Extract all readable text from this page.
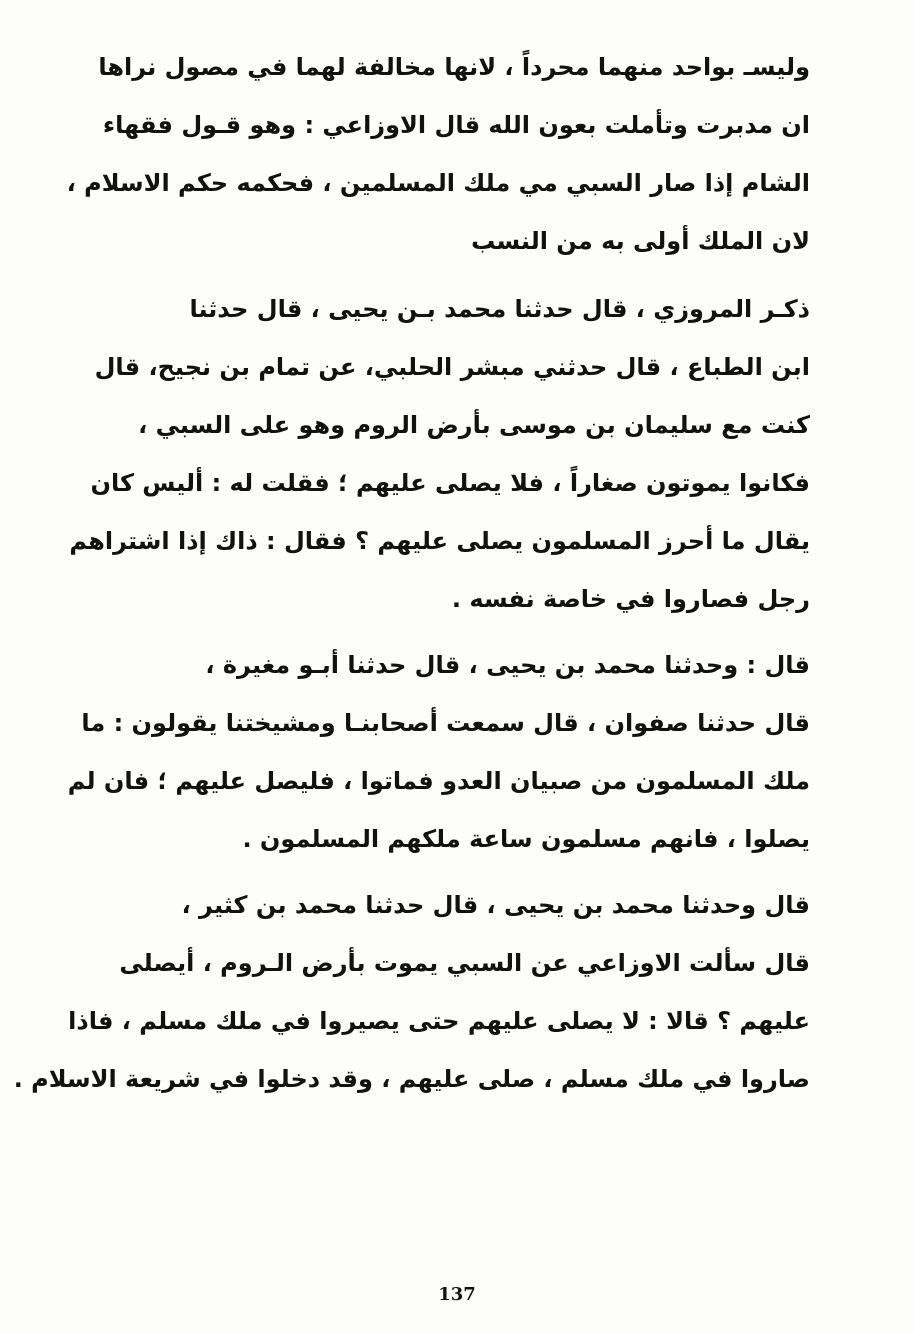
وليسـ بواحد منهما محرداً ، لانها مخالفة لهما في مصول نراها
ان مدبرت وتأملت بعون الله قال الاوزاعي : وهو قـول فقهاء
الشام إذا صار السبي مي ملك المسلمين ، فحكمه حكم الاسلام ،
لان الملك أولى به من النسب
ذكـر المروزي ، قال حدثنا محمد بـن يحيى ، قال حدثنا
ابن الطباع ، قال حدثني مبشر الحلبي، عن تمام بن نجيح، قال
كنت مع سليمان بن موسى بأرض الروم وهو على السبي ،
فكانوا يموتون صغاراً ، فلا يصلى عليهم ؛ فقلت له : أليس كان
يقال ما أحرز المسلمون يصلى عليهم ؟ فقال : ذاك إذا اشتراهم
رجل فصاروا في خاصة نفسه .
قال : وحدثنا محمد بن يحيى ، قال حدثنا أبـو مغيرة ،
قال حدثنا صفوان ، قال سمعت أصحابنـا ومشيختنا يقولون : ما
ملك المسلمون من صبيان العدو فماتوا ، فليصل عليهم ؛ فان لم
يصلوا ، فانهم مسلمون ساعة ملكهم المسلمون .
قال وحدثنا محمد بن يحيى ، قال حدثنا محمد بن كثير ،
قال سألت الاوزاعي عن السبي يموت بأرض الـروم ، أيصلى
عليهم ؟ قالا : لا يصلى عليهم حتى يصيروا في ملك مسلم ، فاذا
صاروا في ملك مسلم ، صلى عليهم ، وقد دخلوا في شريعة الاسلام .
137
